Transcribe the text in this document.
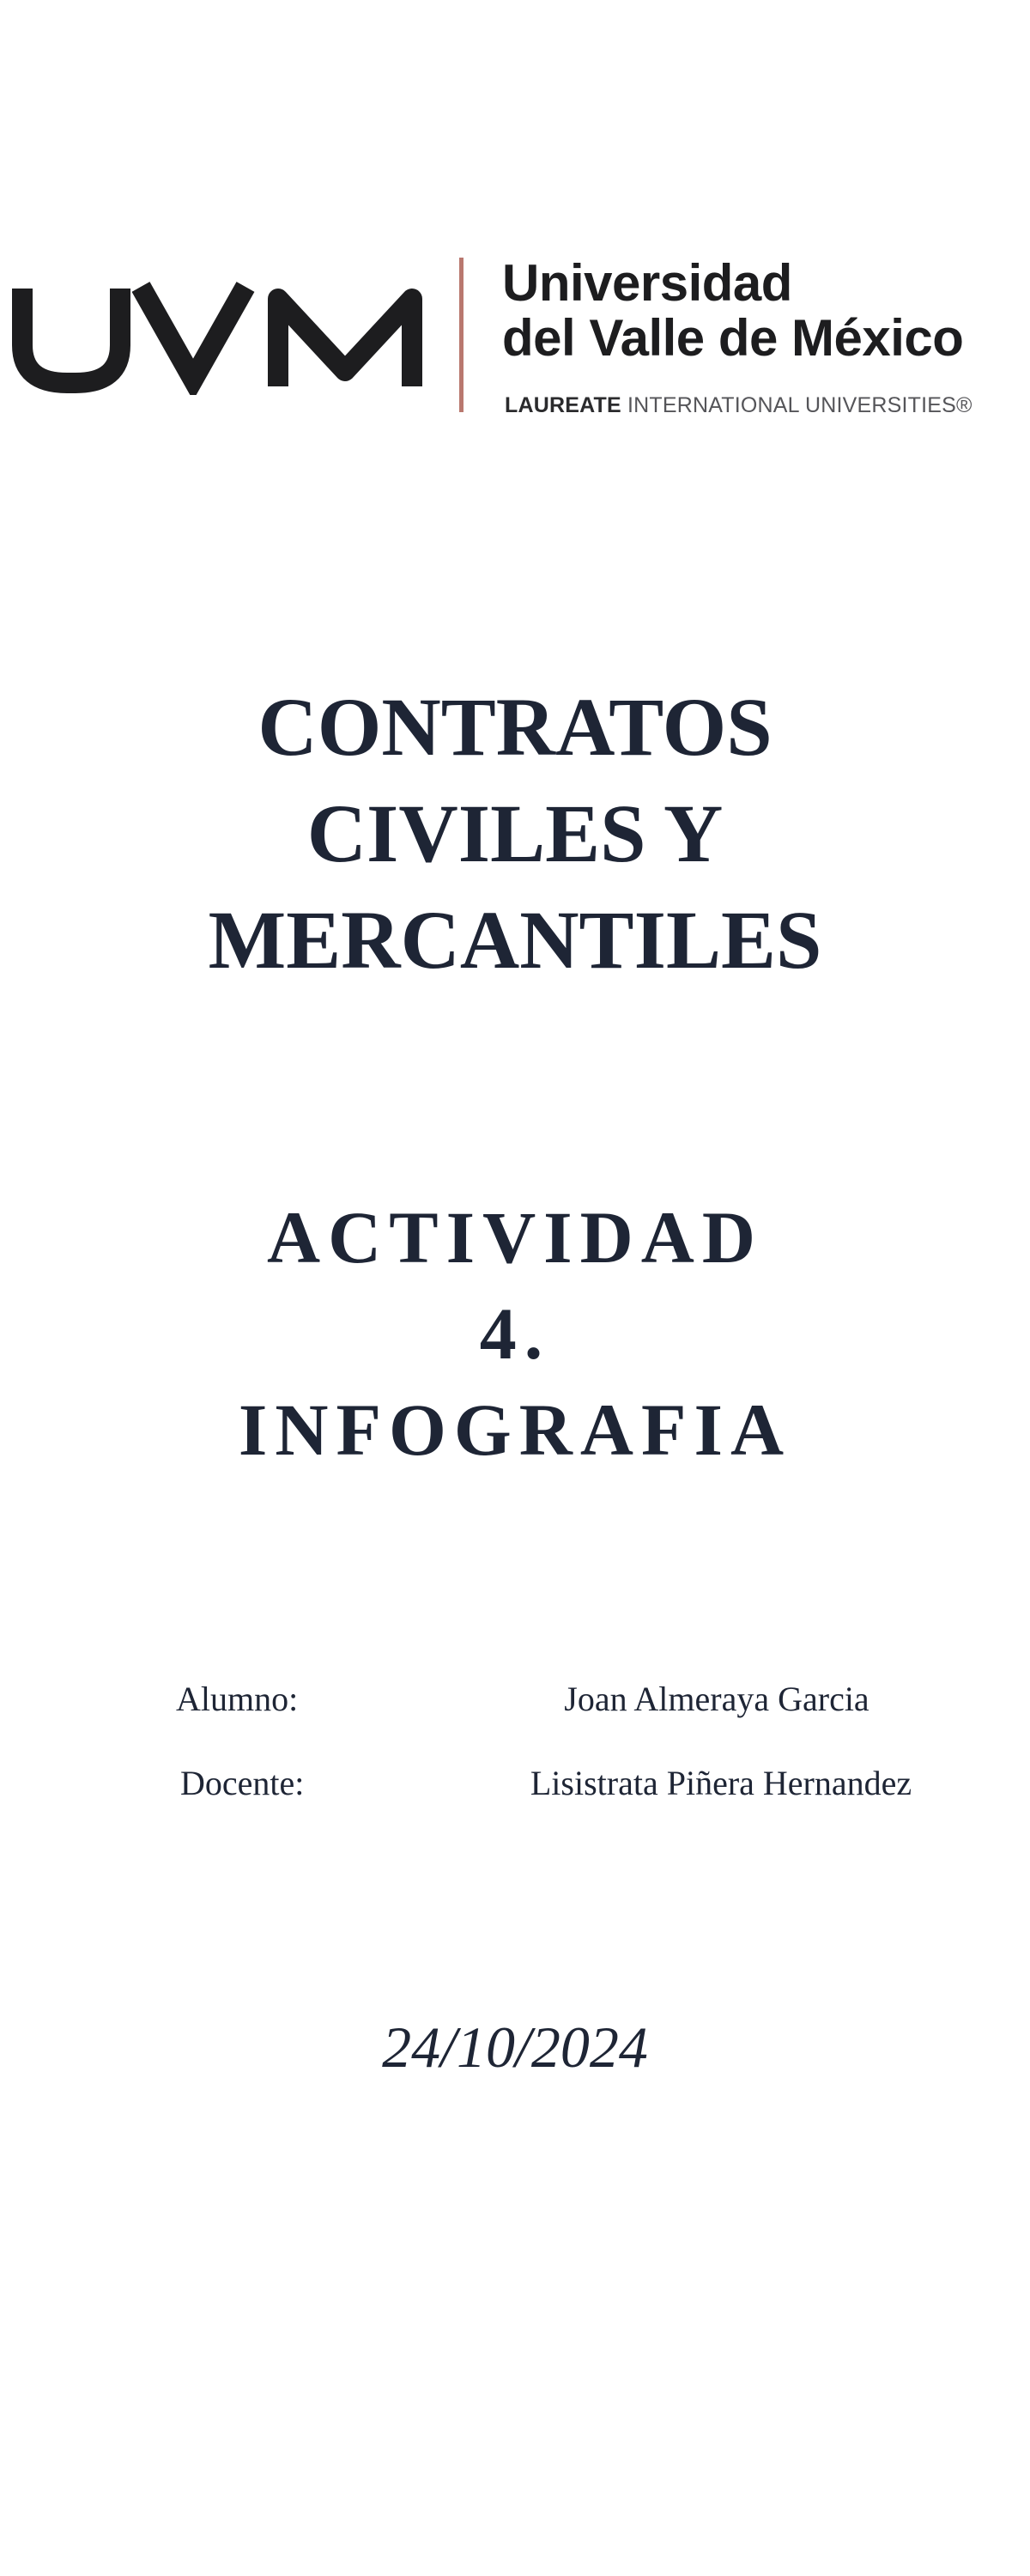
Universidad
del Valle de México
LAUREATE INTERNATIONAL UNIVERSITIES®
CONTRATOS
CIVILES Y
MERCANTILES
ACTIVIDAD
4.
INFOGRAFIA
Alumno:	Joan Almeraya Garcia
Docente:	Lisistrata Piñera Hernandez

24/10/2024
